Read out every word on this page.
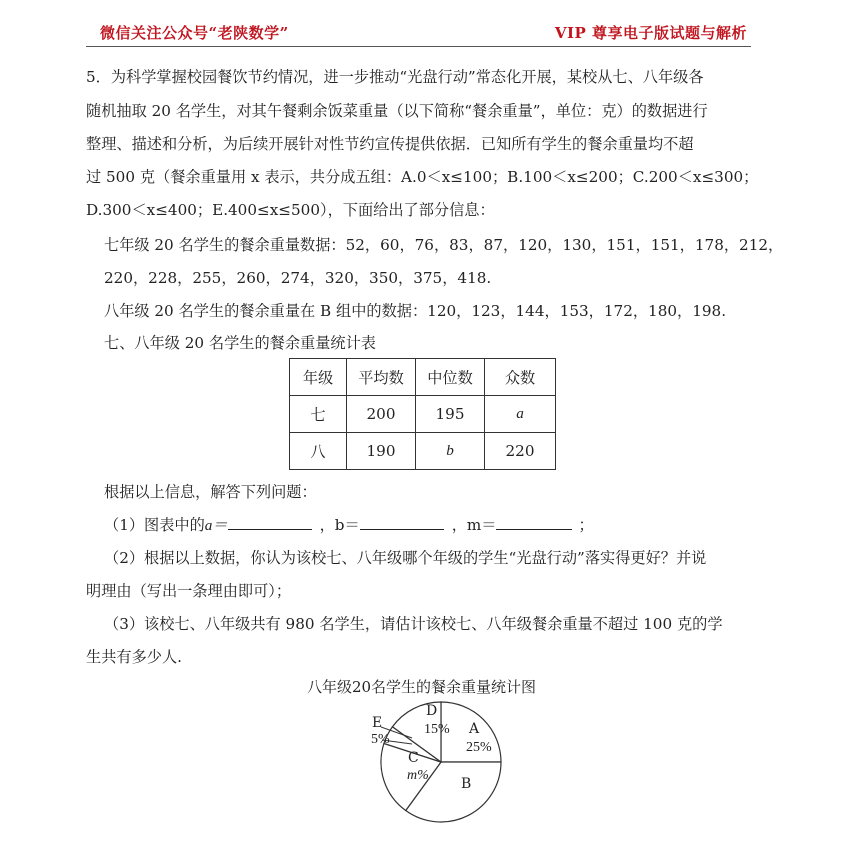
微信关注公众号“老陕数学”	VIP 尊享电子版试题与解析
5．为科学掌握校园餐饮节约情况，进一步推动“光盘行动”常态化开展，某校从七、八年级各
随机抽取 20 名学生，对其午餐剩余饭菜重量（以下简称“餐余重量”，单位：克）的数据进行
整理、描述和分析，为后续开展针对性节约宣传提供依据．已知所有学生的餐余重量均不超
过 500 克（餐余重量用 x 表示，共分成五组：A.0＜x≤100；B.100＜x≤200；C.200＜x≤300；
D.300＜x≤400；E.400≤x≤500），下面给出了部分信息：
七年级 20 名学生的餐余重量数据：52，60，76，83，87，120，130，151，151，178，212，
220，228，255，260，274，320，350，375，418.
八年级 20 名学生的餐余重量在 B 组中的数据：120，123，144，153，172，180，198.
七、八年级 20 名学生的餐余重量统计表
年级	平均数	中位数	众数
七	200	195	a
八	190	b	220
根据以上信息，解答下列问题：
（1）图表中的a＝	，b＝	，m＝	；
（2）根据以上数据，你认为该校七、八年级哪个年级的学生“光盘行动”落实得更好？并说
明理由（写出一条理由即可）；
（3）该校七、八年级共有 980 名学生，请估计该校七、八年级餐余重量不超过 100 克的学
生共有多少人.
八年级20名学生的餐余重量统计图
A
25%
B
C
m%
E
5%
D
15%
